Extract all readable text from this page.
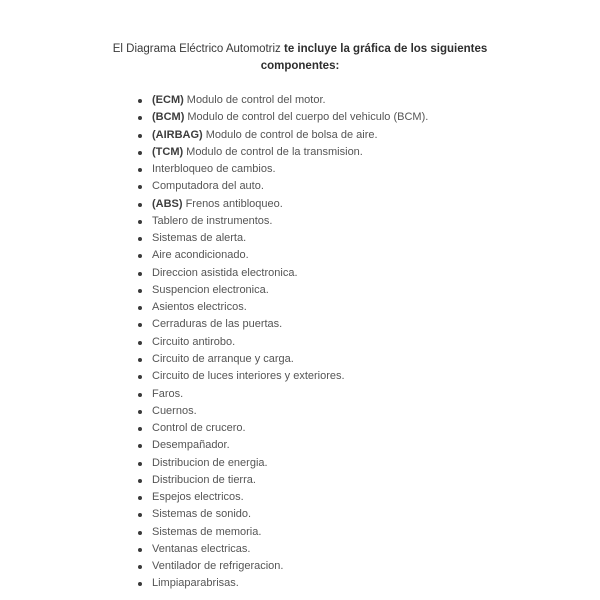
El Diagrama Eléctrico Automotriz te incluye la gráfica de los siguientes componentes:
(ECM) Modulo de control del motor.
(BCM) Modulo de control del cuerpo del vehiculo (BCM).
(AIRBAG) Modulo de control de bolsa de aire.
(TCM) Modulo de control de la transmision.
Interbloqueo de cambios.
Computadora del auto.
(ABS) Frenos antibloqueo.
Tablero de instrumentos.
Sistemas de alerta.
Aire acondicionado.
Direccion asistida electronica.
Suspencion electronica.
Asientos electricos.
Cerraduras de las puertas.
Circuito antirobo.
Circuito de arranque y carga.
Circuito de luces interiores y exteriores.
Faros.
Cuernos.
Control de crucero.
Desempañador.
Distribucion de energia.
Distribucion de tierra.
Espejos electricos.
Sistemas de sonido.
Sistemas de memoria.
Ventanas electricas.
Ventilador de refrigeracion.
Limpiaparabrisas.
